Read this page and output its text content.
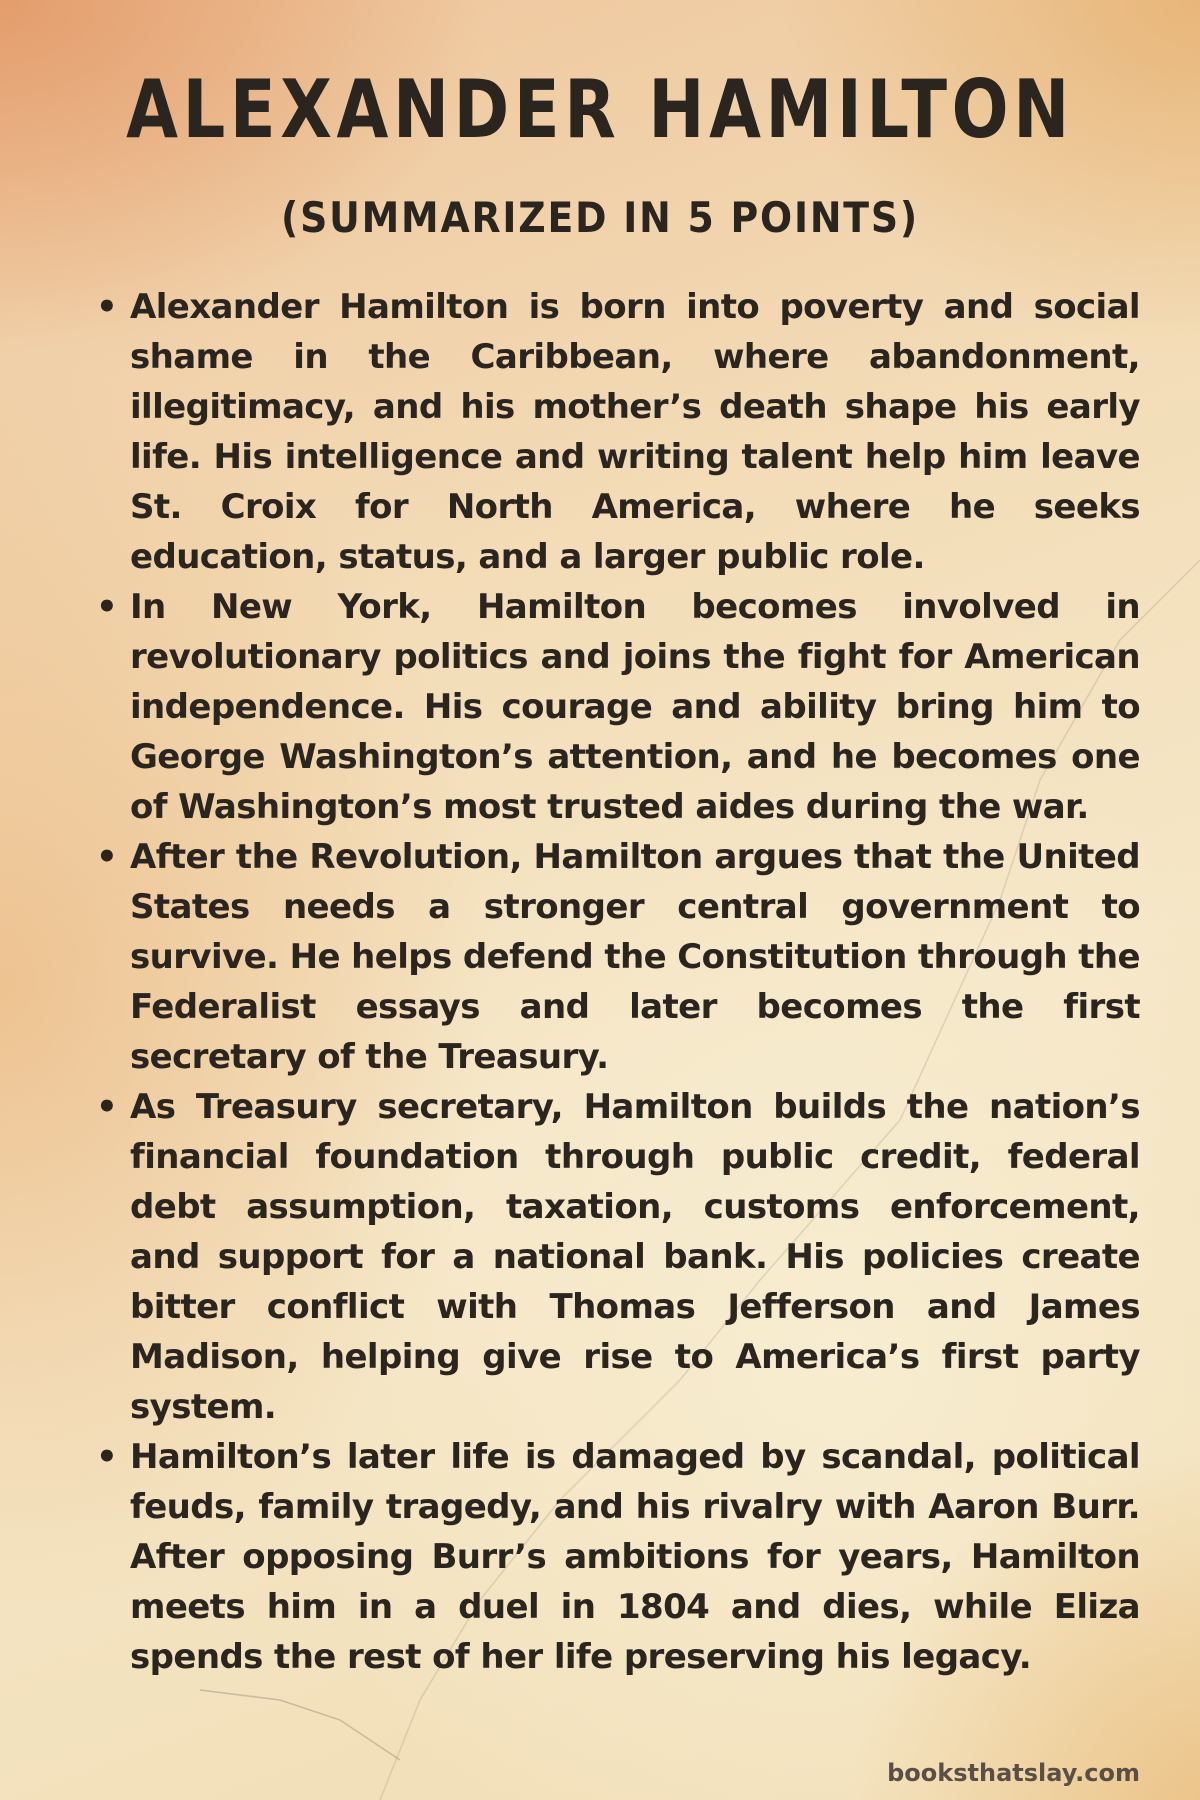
ALEXANDER HAMILTON
(SUMMARIZED IN 5 POINTS)
• Alexander Hamilton is born into poverty and social shame in the Caribbean, where abandonment, illegitimacy, and his mother’s death shape his early life. His intelligence and writing talent help him leave St. Croix for North America, where he seeks education, status, and a larger public role.
• In New York, Hamilton becomes involved in revolutionary politics and joins the fight for American independence. His courage and ability bring him to George Washington’s attention, and he becomes one of Washington’s most trusted aides during the war.
• After the Revolution, Hamilton argues that the United States needs a stronger central government to survive. He helps defend the Constitution through the Federalist essays and later becomes the first secretary of the Treasury.
• As Treasury secretary, Hamilton builds the nation’s financial foundation through public credit, federal debt assumption, taxation, customs enforcement, and support for a national bank. His policies create bitter conflict with Thomas Jefferson and James Madison, helping give rise to America’s first party system.
• Hamilton’s later life is damaged by scandal, political feuds, family tragedy, and his rivalry with Aaron Burr. After opposing Burr’s ambitions for years, Hamilton meets him in a duel in 1804 and dies, while Eliza spends the rest of her life preserving his legacy.
booksthatslay.com
